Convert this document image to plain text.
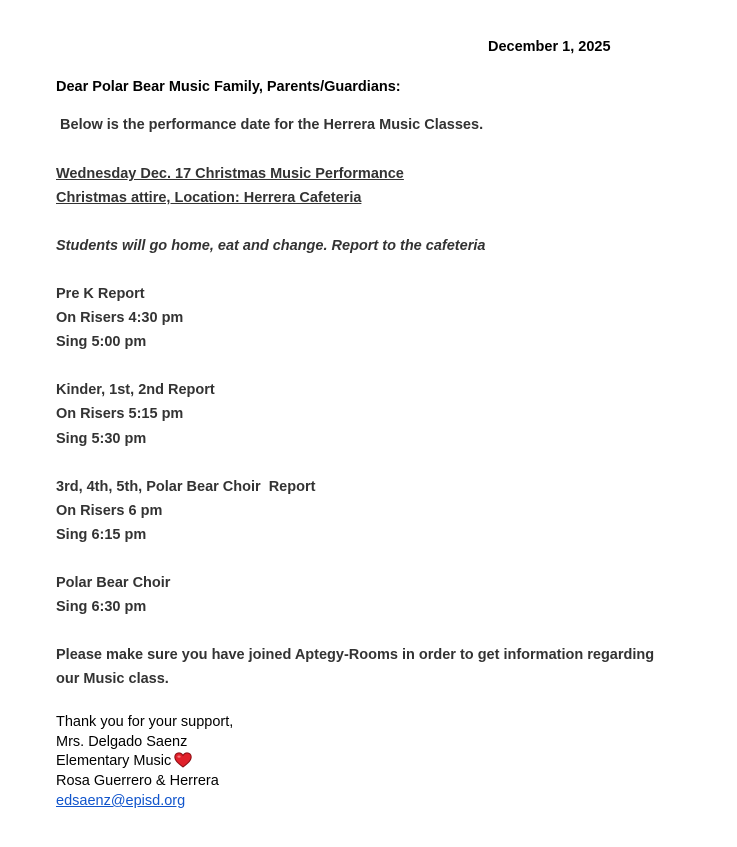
December 1, 2025
Dear Polar Bear Music Family, Parents/Guardians:
Below is the performance date for the Herrera Music Classes.
Wednesday Dec. 17 Christmas Music Performance
Christmas attire, Location: Herrera Cafeteria
Students will go home, eat and change. Report to the cafeteria
Pre K Report
On Risers 4:30 pm
Sing 5:00 pm
Kinder, 1st, 2nd Report
On Risers 5:15 pm
Sing 5:30 pm
3rd, 4th, 5th, Polar Bear Choir  Report
On Risers 6 pm
Sing 6:15 pm
Polar Bear Choir
Sing 6:30 pm
Please make sure you have joined Aptegy-Rooms in order to get information regarding
our Music class.
Thank you for your support,
Mrs. Delgado Saenz
Elementary Music
Rosa Guerrero & Herrera
edsaenz@episd.org
